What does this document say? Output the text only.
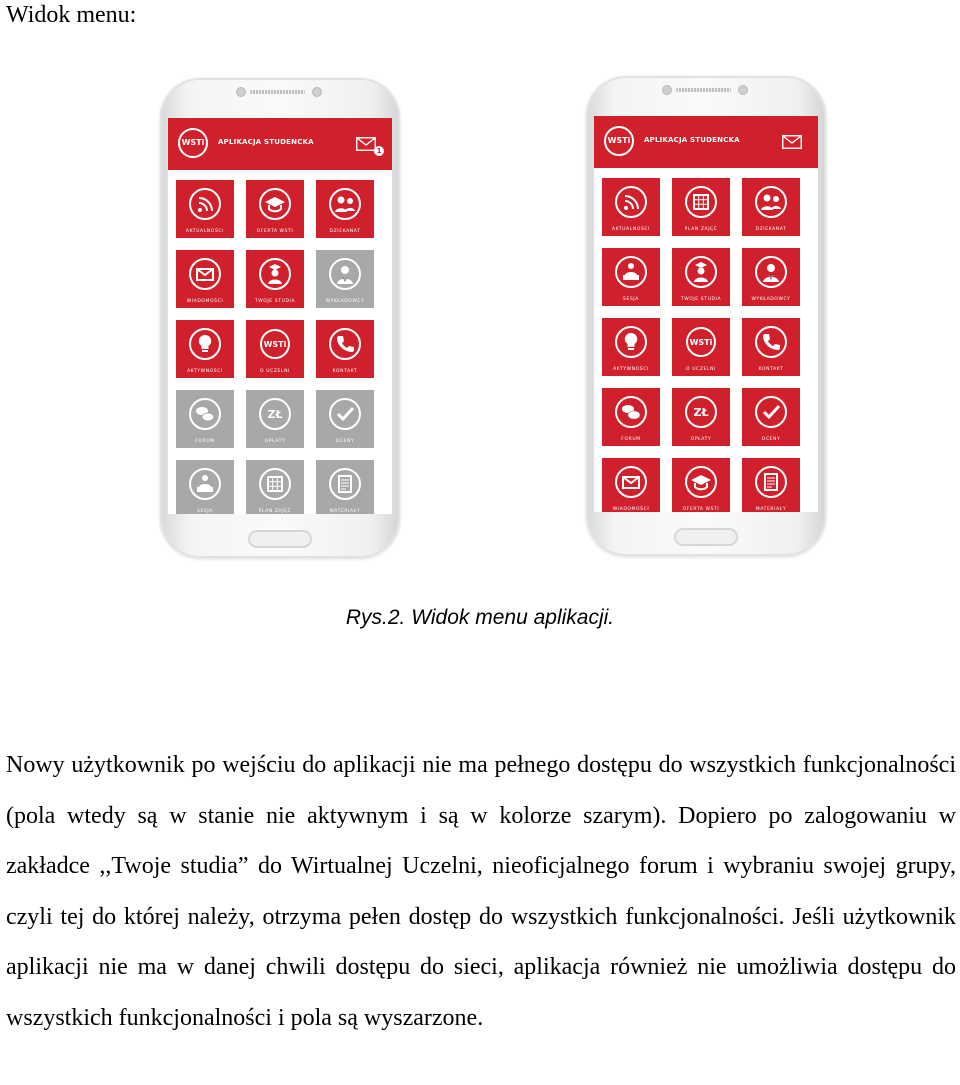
Widok menu:
WSTi	APLIKACJA STUDENCKA
1
AKTUALNOŚCI	OFERTA WSTI	DZIEKANAT
WIADOMOŚCI	TWOJE STUDIA	WYKŁADOWCY
AKTYWNOŚCI
WSTi
O UCZELNI	KONTAKT
FORUM
ZŁ
OPŁATY	OCENY
SESJA	PLAN ZAJĘĆ	MATERIAŁY
WSTi	APLIKACJA STUDENCKA
AKTUALNOŚCI	PLAN ZAJĘĆ	DZIEKANAT
SESJA	TWOJE STUDIA	WYKŁADOWCY
AKTYWNOŚCI
WSTi
O UCZELNI	KONTAKT
FORUM
ZŁ
OPŁATY	OCENY
WIADOMOŚCI	OFERTA WSTI	MATERIAŁY
Rys.2. Widok menu aplikacji.

Nowy użytkownik po wejściu do aplikacji nie ma pełnego dostępu do wszystkich funkcjonalności (pola wtedy są w stanie nie aktywnym i są w kolorze szarym). Dopiero po zalogowaniu w zakładce ,,Twoje studia” do Wirtualnej Uczelni, nieoficjalnego forum i wybraniu swojej grupy, czyli tej do której należy, otrzyma pełen dostęp do wszystkich funkcjonalności. Jeśli użytkownik aplikacji nie ma w danej chwili dostępu do sieci, aplikacja również nie umożliwia dostępu do wszystkich funkcjonalności i pola są wyszarzone.
